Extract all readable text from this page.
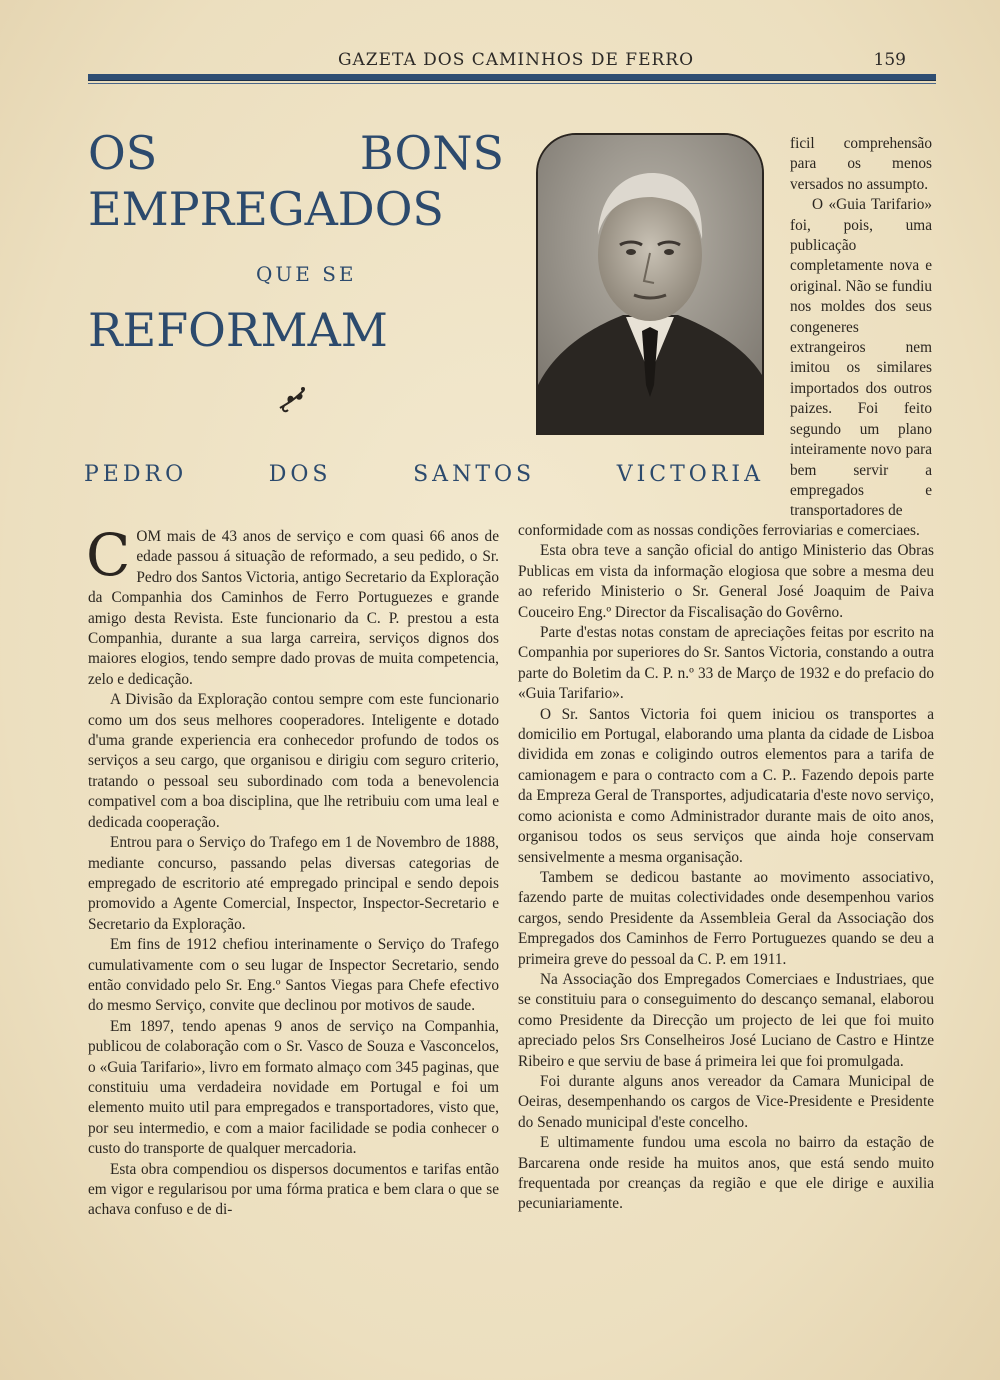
GAZETA DOS CAMINHOS DE FERRO	159
OS BONS
EMPREGADOS
QUE SE
REFORMAM
PEDRO DOS SANTOS VICTORIA

ficil comprehensão para os menos versados no assumpto.

O «Guia Tarifario» foi, pois, uma publicação completamente nova e original. Não se fundiu nos moldes dos seus congeneres extrangeiros nem imitou os similares importados dos outros paizes. Foi feito segundo um plano inteiramente novo para bem servir a empregados e transportadores de

COM mais de 43 anos de serviço e com quasi 66 anos de edade passou á situação de reformado, a seu pedido, o Sr. Pedro dos Santos Victoria, antigo Secretario da Exploração da Companhia dos Caminhos de Ferro Portuguezes e grande amigo desta Revista. Este funcionario da C. P. prestou a esta Companhia, durante a sua larga carreira, serviços dignos dos maiores elogios, tendo sempre dado provas de muita competencia, zelo e dedicação.

A Divisão da Exploração contou sempre com este funcionario como um dos seus melhores cooperadores. Inteligente e dotado d'uma grande experiencia era conhecedor profundo de todos os serviços a seu cargo, que organisou e dirigiu com seguro criterio, tratando o pessoal seu subordinado com toda a benevolencia compativel com a boa disciplina, que lhe retribuiu com uma leal e dedicada cooperação.

Entrou para o Serviço do Trafego em 1 de Novembro de 1888, mediante concurso, passando pelas diversas categorias de empregado de escritorio até empregado principal e sendo depois promovido a Agente Comercial, Inspector, Inspector-Secretario e Secretario da Exploração.

Em fins de 1912 chefiou interinamente o Serviço do Trafego cumulativamente com o seu lugar de Inspector Secretario, sendo então convidado pelo Sr. Eng.º Santos Viegas para Chefe efectivo do mesmo Serviço, convite que declinou por motivos de saude.

Em 1897, tendo apenas 9 anos de serviço na Companhia, publicou de colaboração com o Sr. Vasco de Souza e Vasconcelos, o «Guia Tarifario», livro em formato almaço com 345 paginas, que constituiu uma verdadeira novidade em Portugal e foi um elemento muito util para empregados e transportadores, visto que, por seu intermedio, e com a maior facilidade se podia conhecer o custo do transporte de qualquer mercadoria.

Esta obra compendiou os dispersos documentos e tarifas então em vigor e regularisou por uma fórma pratica e bem clara o que se achava confuso e de di-

conformidade com as nossas condições ferroviarias e comerciaes.

Esta obra teve a sanção oficial do antigo Ministerio das Obras Publicas em vista da informação elogiosa que sobre a mesma deu ao referido Ministerio o Sr. General José Joaquim de Paiva Couceiro Eng.º Director da Fiscalisação do Govêrno.

Parte d'estas notas constam de apreciações feitas por escrito na Companhia por superiores do Sr. Santos Victoria, constando a outra parte do Boletim da C. P. n.º 33 de Março de 1932 e do prefacio do «Guia Tarifario».

O Sr. Santos Victoria foi quem iniciou os transportes a domicilio em Portugal, elaborando uma planta da cidade de Lisboa dividida em zonas e coligindo outros elementos para a tarifa de camionagem e para o contracto com a C. P.. Fazendo depois parte da Empreza Geral de Transportes, adjudicataria d'este novo serviço, como acionista e como Administrador durante mais de oito anos, organisou todos os seus serviços que ainda hoje conservam sensivelmente a mesma organisação.

Tambem se dedicou bastante ao movimento associativo, fazendo parte de muitas colectividades onde desempenhou varios cargos, sendo Presidente da Assembleia Geral da Associação dos Empregados dos Caminhos de Ferro Portuguezes quando se deu a primeira greve do pessoal da C. P. em 1911.

Na Associação dos Empregados Comerciaes e Industriaes, que se constituiu para o conseguimento do descanço semanal, elaborou como Presidente da Direcção um projecto de lei que foi muito apreciado pelos Srs Conselheiros José Luciano de Castro e Hintze Ribeiro e que serviu de base á primeira lei que foi promulgada.

Foi durante alguns anos vereador da Camara Municipal de Oeiras, desempenhando os cargos de Vice-Presidente e Presidente do Senado municipal d'este concelho.

E ultimamente fundou uma escola no bairro da estação de Barcarena onde reside ha muitos anos, que está sendo muito frequentada por creanças da região e que ele dirige e auxilia pecuniariamente.
